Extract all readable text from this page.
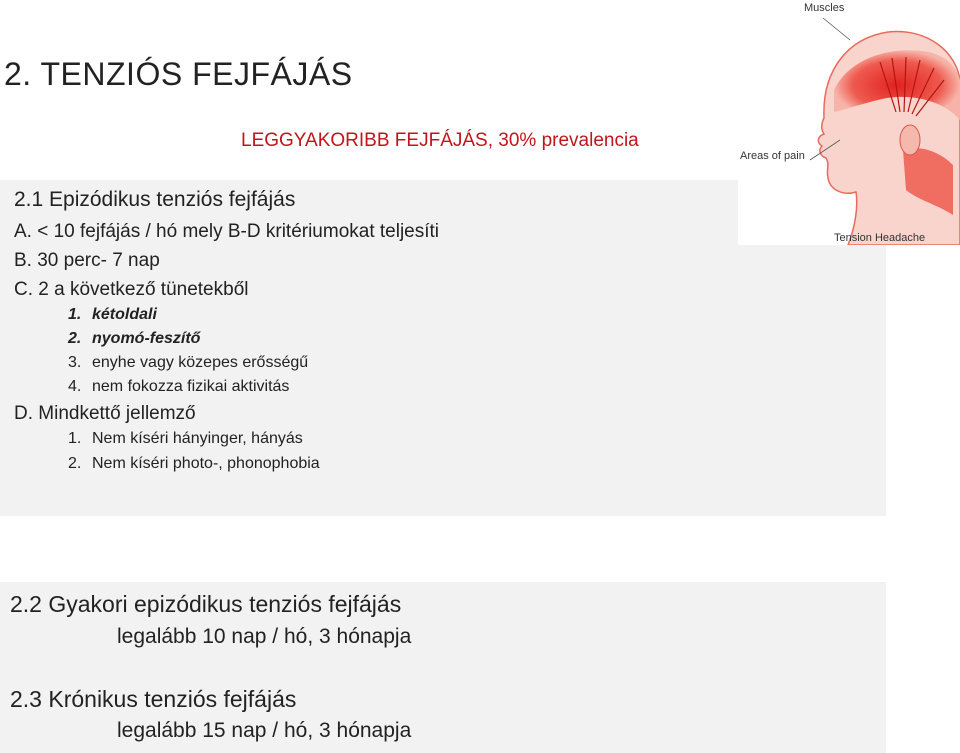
2. TENZIÓS FEJFÁJÁS
LEGGYAKORIBB FEJFÁJÁS, 30% prevalencia
2.1 Epizódikus tenziós fejfájás
A. < 10 fejfájás / hó mely B-D kritériumokat teljesíti
B. 30 perc- 7 nap
C. 2 a következő tünetekből
1. kétoldali
2. nyomó-feszítő
3. enyhe vagy közepes erősségű
4. nem fokozza fizikai aktivitás
D. Mindkettő jellemző
1. Nem kíséri hányinger, hányás
2. Nem kíséri photo-, phonophobia
2.2 Gyakori epizódikus tenziós fejfájás
legalább 10 nap / hó, 3 hónapja
2.3 Krónikus tenziós fejfájás
legalább 15 nap / hó, 3 hónapja
Muscles
Areas of pain
Tension Headache
